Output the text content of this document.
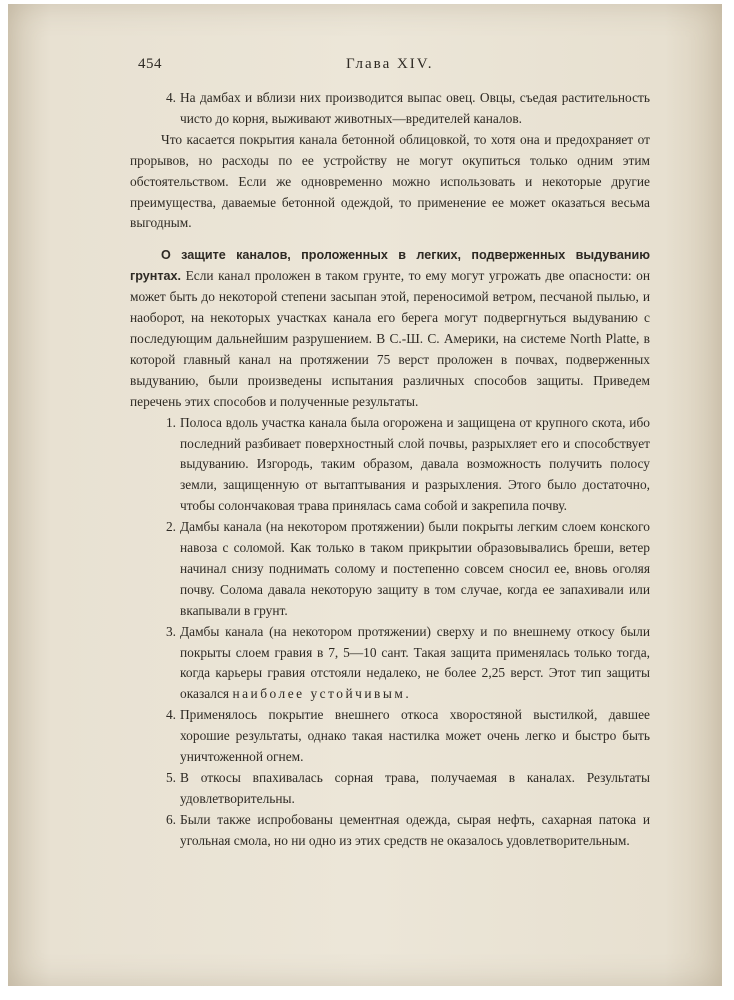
454	Глава XIV.
4. На дамбах и вблизи них производится выпас овец. Овцы, съедая растительность чисто до корня, выживают животных—вредителей каналов.

Что касается покрытия канала бетонной облицовкой, то хотя она и предохраняет от прорывов, но расходы по ее устройству не могут окупиться только одним этим обстоятельством. Если же одновременно можно использовать и некоторые другие преимущества, даваемые бетонной одеждой, то применение ее может оказаться весьма выгодным.

О защите каналов, проложенных в легких, подверженных выдуванию грунтах. Если канал проложен в таком грунте, то ему могут угрожать две опасности: он может быть до некоторой степени засыпан этой, переносимой ветром, песчаной пылью, и наоборот, на некоторых участках канала его берега могут подвергнуться выдуванию с последующим дальнейшим разрушением. В С.-Ш. С. Америки, на системе North Platte, в которой главный канал на протяжении 75 верст проложен в почвах, подверженных выдуванию, были произведены испытания различных способов защиты. Приведем перечень этих способов и полученные результаты.

1. Полоса вдоль участка канала была огорожена и защищена от крупного скота, ибо последний разбивает поверхностный слой почвы, разрыхляет его и способствует выдуванию. Изгородь, таким образом, давала возможность получить полосу земли, защищенную от вытаптывания и разрыхления. Этого было достаточно, чтобы солончаковая трава принялась сама собой и закрепила почву.
2. Дамбы канала (на некотором протяжении) были покрыты легким слоем конского навоза с соломой. Как только в таком прикрытии образовывались бреши, ветер начинал снизу поднимать солому и постепенно совсем сносил ее, вновь оголяя почву. Солома давала некоторую защиту в том случае, когда ее запахивали или вкапывали в грунт.
3. Дамбы канала (на некотором протяжении) сверху и по внешнему откосу были покрыты слоем гравия в 7, 5—10 сант. Такая защита применялась только тогда, когда карьеры гравия отстояли недалеко, не более 2,25 верст. Этот тип защиты оказался наиболее устойчивым.
4. Применялось покрытие внешнего откоса хворостяной выстилкой, давшее хорошие результаты, однако такая настилка может очень легко и быстро быть уничтоженной огнем.
5. В откосы впахивалась сорная трава, получаемая в каналах. Результаты удовлетворительны.
6. Были также испробованы цементная одежда, сырая нефть, сахарная патока и угольная смола, но ни одно из этих средств не оказалось удовлетворительным.
